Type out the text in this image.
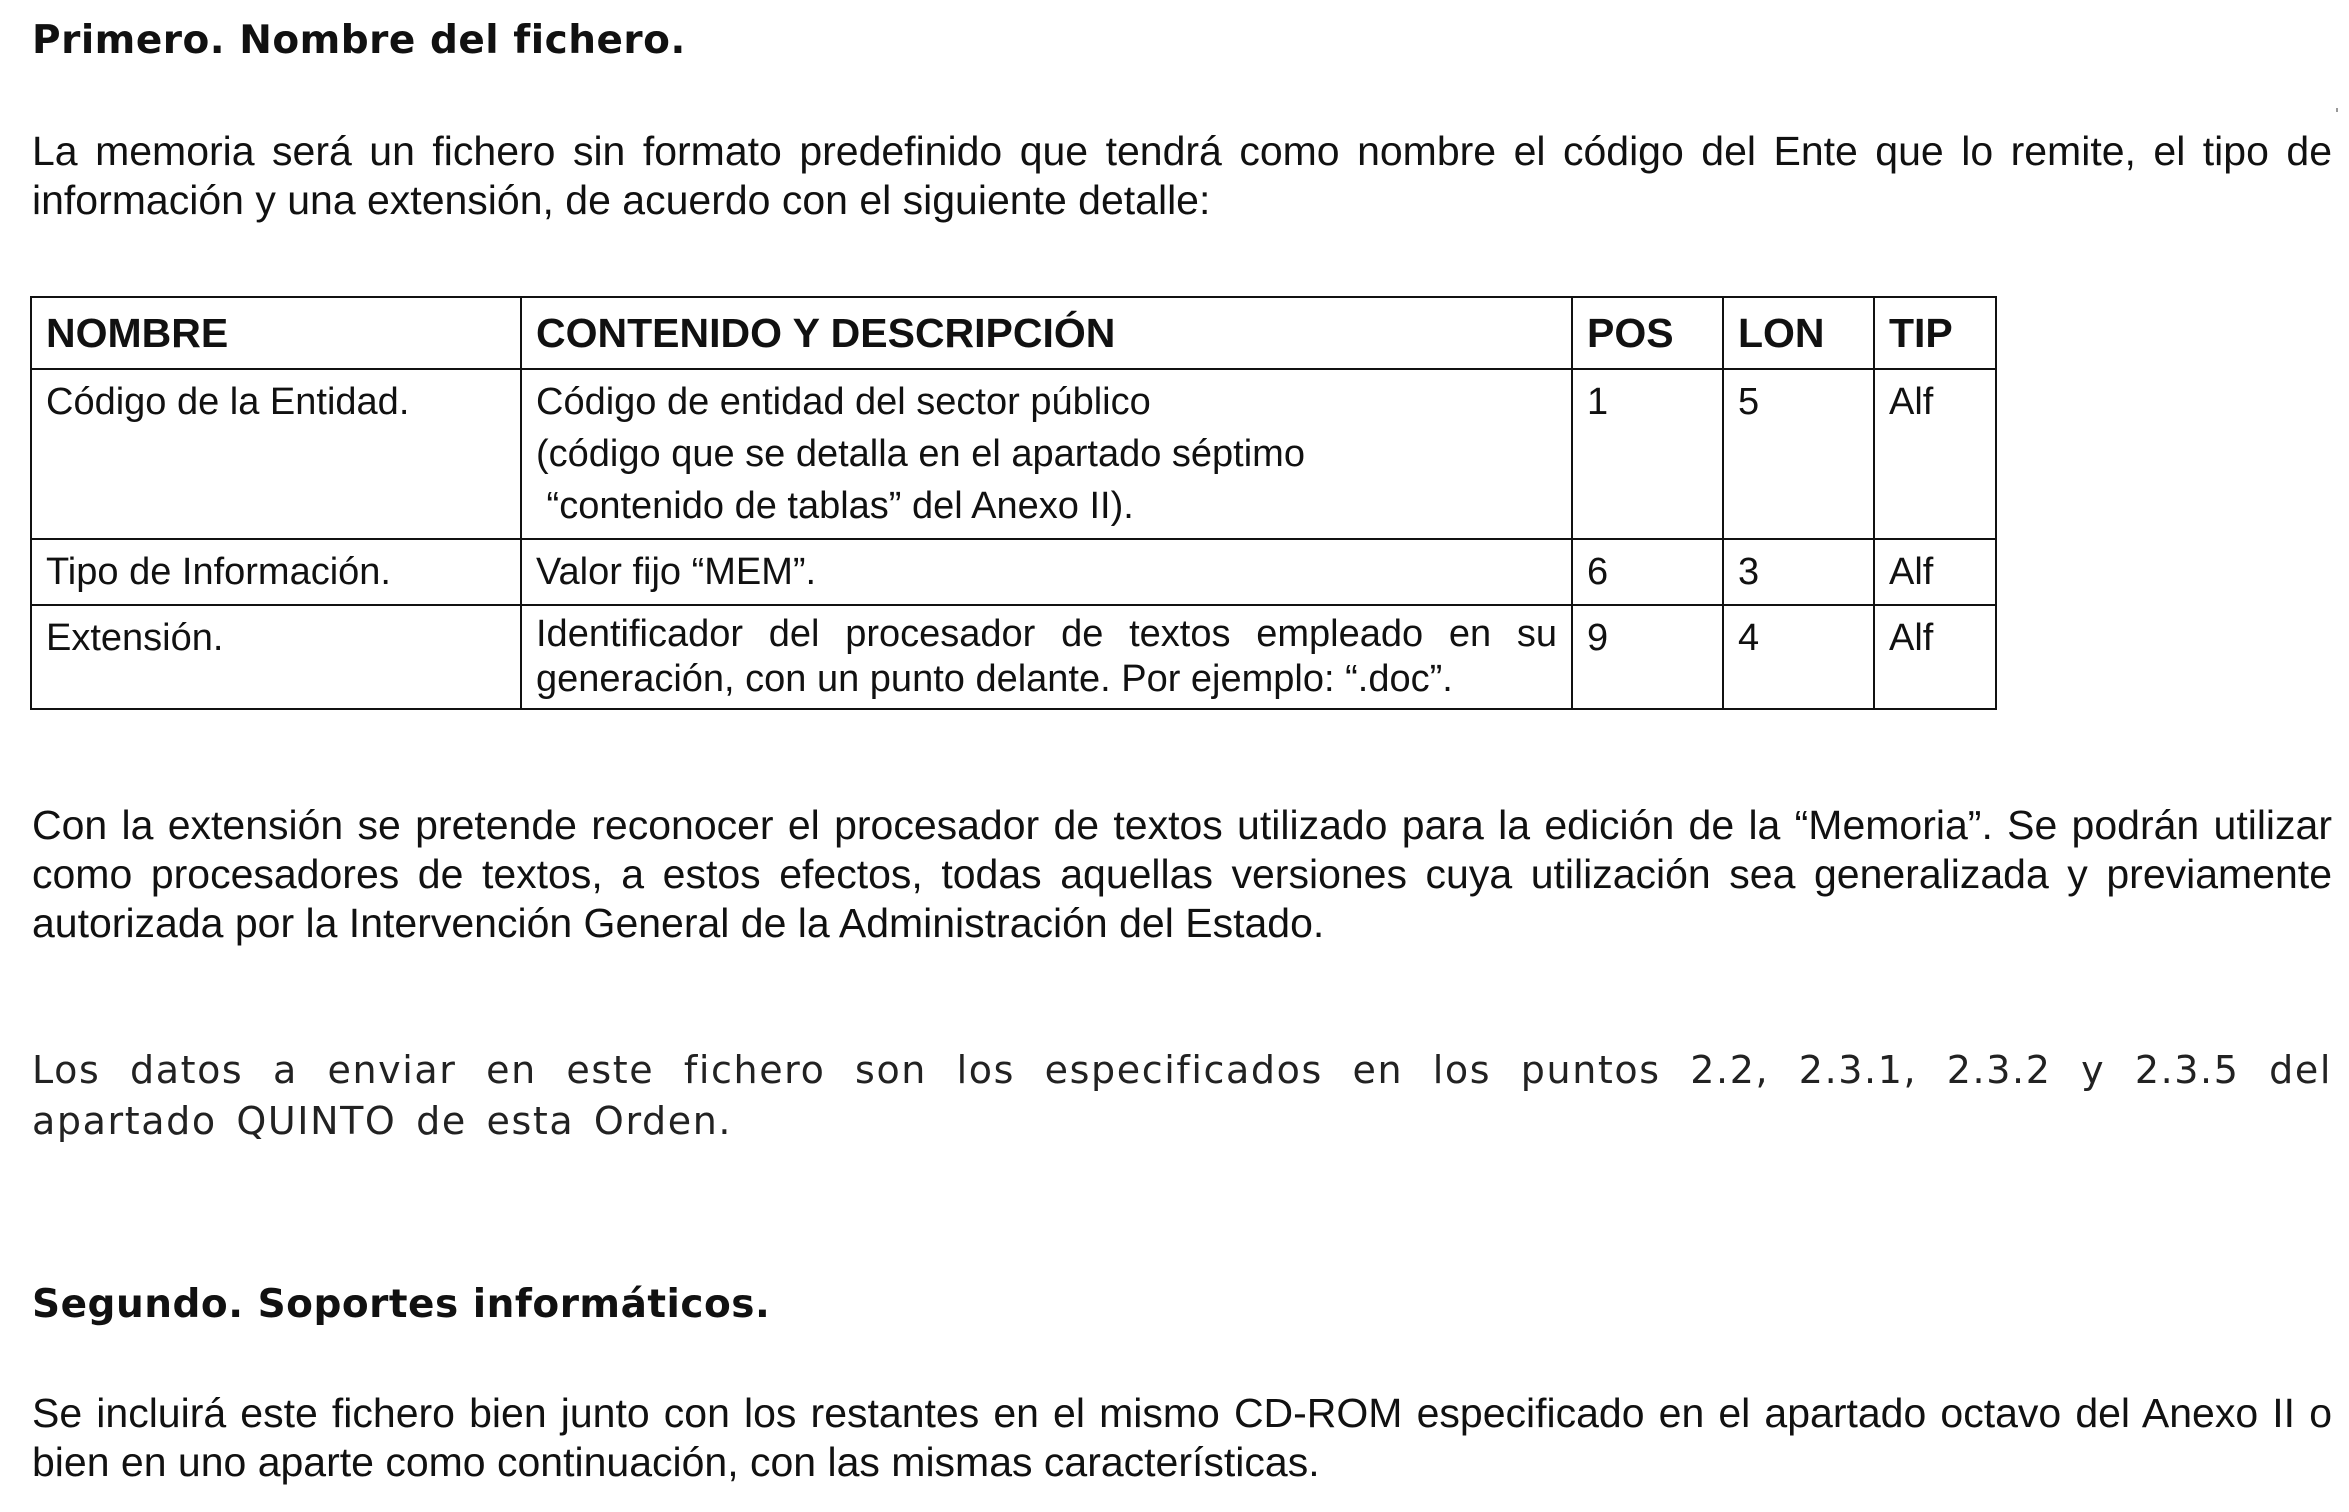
Primero. Nombre del fichero.

La memoria será un fichero sin formato predefinido que tendrá como nombre el código del Ente que lo remite, el tipo de información y una extensión, de acuerdo con el siguiente detalle:

NOMBRE	CONTENIDO Y DESCRIPCIÓN	POS	LON	TIP
Código de la Entidad.	Código de entidad del sector público
(código que se detalla en el apartado séptimo
“contenido de tablas” del Anexo II).	1	5	Alf
Tipo de Información.	Valor fijo “MEM”.	6	3	Alf
Extensión.	Identificador del procesador de textos empleado en su generación, con un punto delante. Por ejemplo: “.doc”.	9	4	Alf

Con la extensión se pretende reconocer el procesador de textos utilizado para la edición de la “Memoria”. Se podrán utilizar como procesadores de textos, a estos efectos, todas aquellas versiones cuya utilización sea generalizada y previamente autorizada por la Intervención General de la Administración del Estado.

Los datos a enviar en este fichero son los especificados en los puntos 2.2, 2.3.1, 2.3.2 y 2.3.5 del apartado QUINTO de esta Orden.

Segundo. Soportes informáticos.

Se incluirá este fichero bien junto con los restantes en el mismo CD-ROM especificado en el apartado octavo del Anexo II o bien en uno aparte como continuación, con las mismas características.
